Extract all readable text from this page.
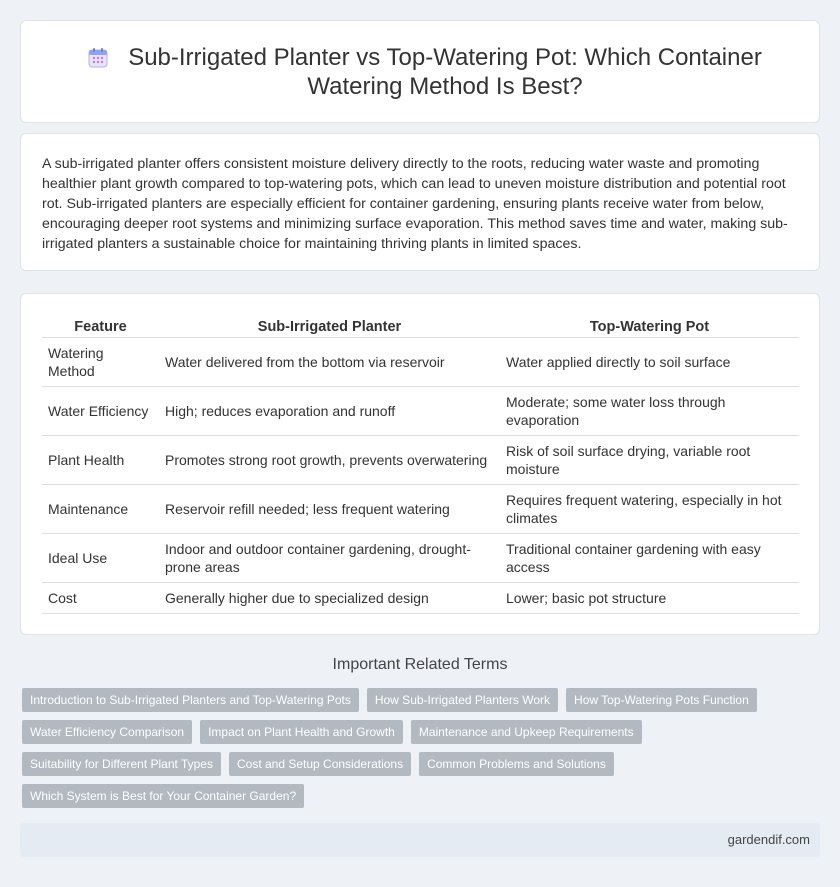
Sub-Irrigated Planter vs Top-Watering Pot: Which Container Watering Method Is Best?

A sub-irrigated planter offers consistent moisture delivery directly to the roots, reducing water waste and promoting healthier plant growth compared to top-watering pots, which can lead to uneven moisture distribution and potential root rot. Sub-irrigated planters are especially efficient for container gardening, ensuring plants receive water from below, encouraging deeper root systems and minimizing surface evaporation. This method saves time and water, making sub-irrigated planters a sustainable choice for maintaining thriving plants in limited spaces.

Feature	Sub-Irrigated Planter	Top-Watering Pot
Watering Method	Water delivered from the bottom via reservoir	Water applied directly to soil surface
Water Efficiency	High; reduces evaporation and runoff	Moderate; some water loss through evaporation
Plant Health	Promotes strong root growth, prevents overwatering	Risk of soil surface drying, variable root moisture
Maintenance	Reservoir refill needed; less frequent watering	Requires frequent watering, especially in hot climates
Ideal Use	Indoor and outdoor container gardening, drought-prone areas	Traditional container gardening with easy access
Cost	Generally higher due to specialized design	Lower; basic pot structure
Important Related Terms
Introduction to Sub-Irrigated Planters and Top-Watering Pots	How Sub-Irrigated Planters Work	How Top-Watering Pots Function
Water Efficiency Comparison	Impact on Plant Health and Growth	Maintenance and Upkeep Requirements
Suitability for Different Plant Types	Cost and Setup Considerations	Common Problems and Solutions
Which System is Best for Your Container Garden?
gardendif.com
